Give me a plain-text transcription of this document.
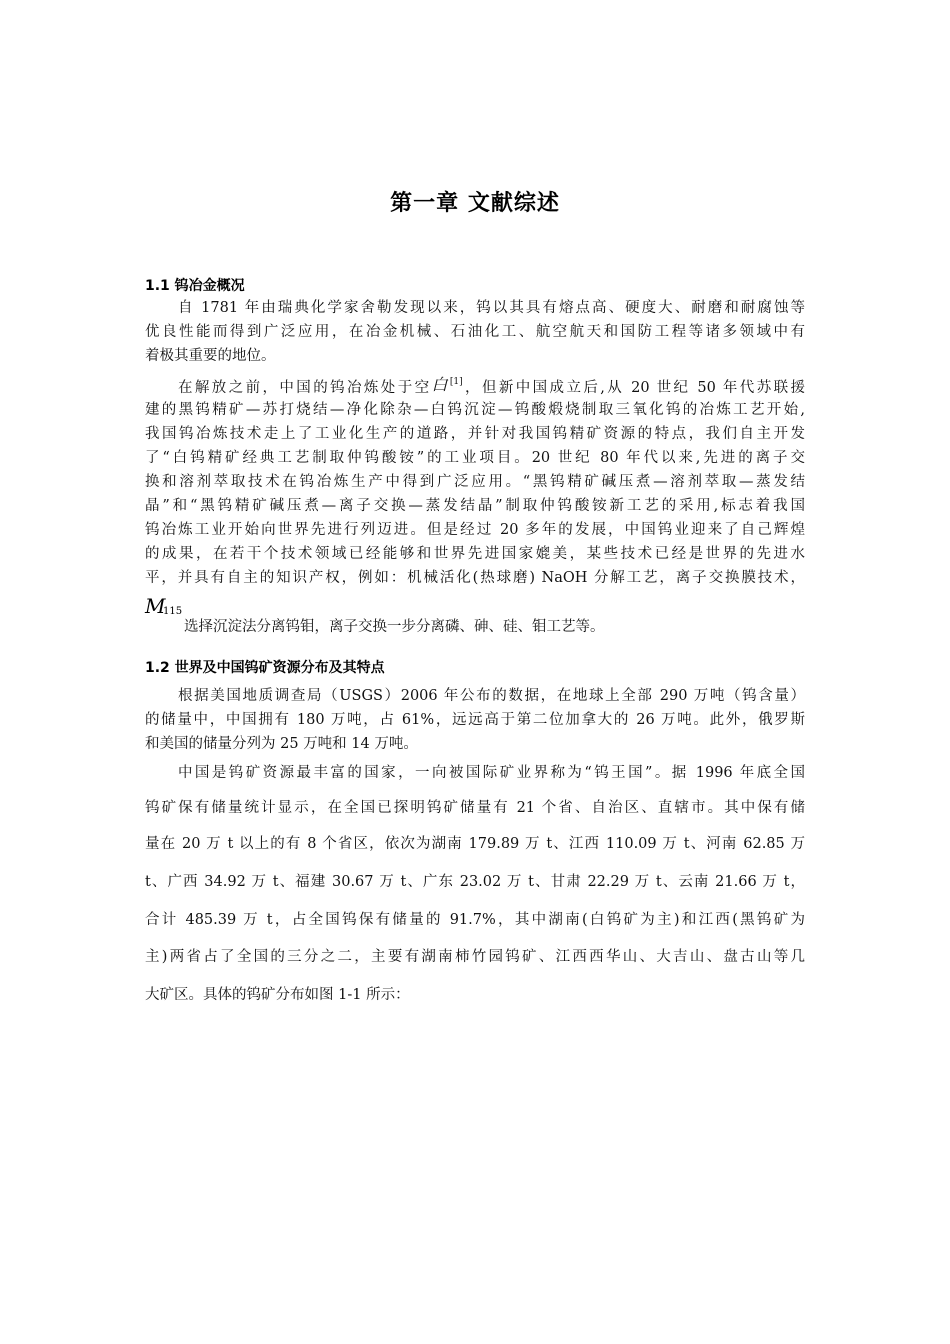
第一章 文献综述
1.1 钨冶金概况
自 1781 年由瑞典化学家舍勒发现以来，钨以其具有熔点高、硬度大、耐磨和耐腐蚀等
优良性能而得到广泛应用，在冶金机械、石油化工、航空航天和国防工程等诸多领域中有
着极其重要的地位。
在解放之前，中国的钨冶炼处于空白[1]，但新中国成立后,从 20 世纪 50 年代苏联援
建的黑钨精矿—苏打烧结—净化除杂—白钨沉淀—钨酸煅烧制取三氧化钨的冶炼工艺开始,
我国钨冶炼技术走上了工业化生产的道路，并针对我国钨精矿资源的特点，我们自主开发
了“白钨精矿经典工艺制取仲钨酸铵”的工业项目。20 世纪 80 年代以来,先进的离子交
换和溶剂萃取技术在钨冶炼生产中得到广泛应用。“黑钨精矿碱压煮—溶剂萃取—蒸发结
晶”和“黑钨精矿碱压煮—离子交换—蒸发结晶”制取仲钨酸铵新工艺的采用,标志着我国
钨冶炼工业开始向世界先进行列迈进。但是经过 20 多年的发展，中国钨业迎来了自己辉煌
的成果，在若干个技术领域已经能够和世界先进国家媲美，某些技术已经是世界的先进水
平，并具有自主的知识产权，例如：机械活化(热球磨) NaOH 分解工艺，离子交换膜技术，
M
115
选择沉淀法分离钨钼，离子交换一步分离磷、砷、硅、钼工艺等。
1.2 世界及中国钨矿资源分布及其特点
根据美国地质调查局（USGS）2006 年公布的数据，在地球上全部 290 万吨（钨含量）
的储量中，中国拥有 180 万吨，占 61%，远远高于第二位加拿大的 26 万吨。此外，俄罗斯
和美国的储量分列为 25 万吨和 14 万吨。
中国是钨矿资源最丰富的国家，一向被国际矿业界称为“钨王国”。据 1996 年底全国
钨矿保有储量统计显示，在全国已探明钨矿储量有 21 个省、自治区、直辖市。其中保有储
量在 20 万 t 以上的有 8 个省区，依次为湖南 179.89 万 t、江西 110.09 万 t、河南 62.85 万
t、广西 34.92 万 t、福建 30.67 万 t、广东 23.02 万 t、甘肃 22.29 万 t、云南 21.66 万 t，
合计 485.39 万 t，占全国钨保有储量的 91.7%，其中湖南(白钨矿为主)和江西(黑钨矿为
主)两省占了全国的三分之二，主要有湖南柿竹园钨矿、江西西华山、大吉山、盘古山等几
大矿区。具体的钨矿分布如图 1-1 所示：
